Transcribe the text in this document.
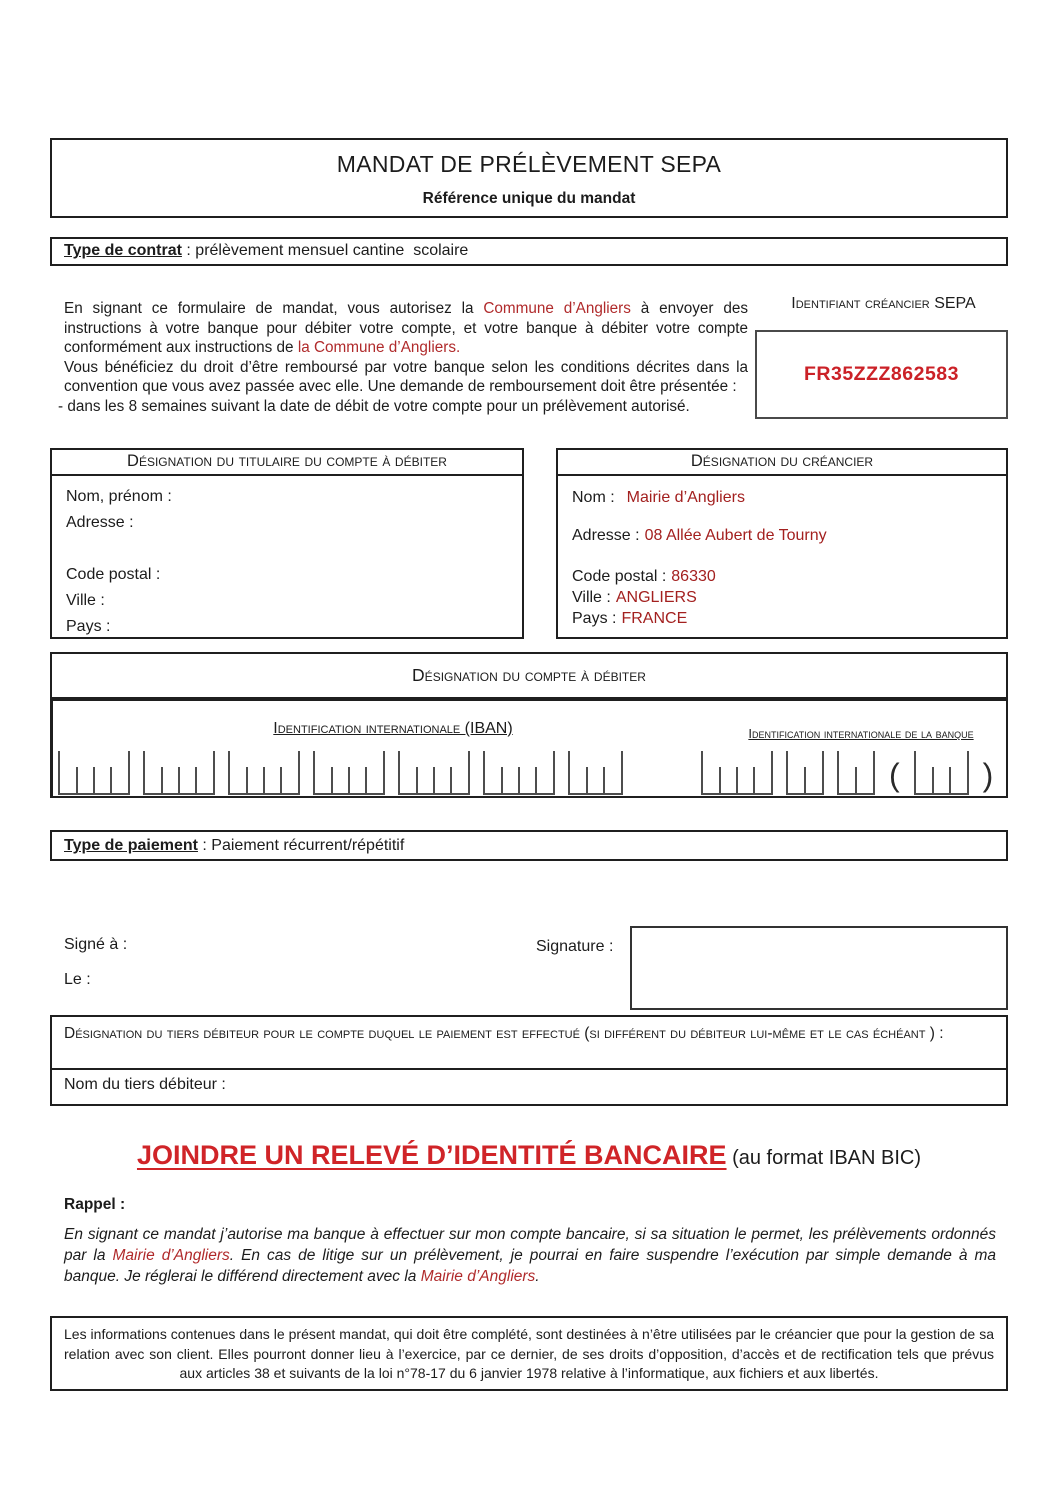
MANDAT DE PRÉLÈVEMENT SEPA
Référence unique du mandat
Type de contrat : prélèvement mensuel cantine  scolaire
En signant ce formulaire de mandat, vous autorisez la Commune d’Angliers à envoyer des instructions à votre banque pour débiter votre compte, et votre banque à débiter votre compte conformément aux instructions de la Commune d’Angliers.
Vous bénéficiez du droit d’être remboursé par votre banque selon les conditions décrites dans la convention que vous avez passée avec elle. Une demande de remboursement doit être présentée :
- dans les 8 semaines suivant la date de débit de votre compte pour un prélèvement autorisé.
Identifiant créancier SEPA
FR35ZZZ862583
Désignation du titulaire du compte à débiter
Nom, prénom :
Adresse :
Code postal :
Ville :
Pays :
Désignation du créancier
Nom : Mairie d’Angliers
Adresse : 08 Allée Aubert de Tourny
Code postal : 86330
Ville : ANGLIERS
Pays : FRANCE
Désignation du compte à débiter
Identification internationale (IBAN)	Identification internationale de la banque
(	)
Type de paiement : Paiement récurrent/répétitif
Signé à :
Le :
Signature :
Désignation du tiers débiteur pour le compte duquel le paiement est effectué (si différent du débiteur lui-même et le cas échéant ) :
Nom du tiers débiteur :
JOINDRE UN RELEVÉ D’IDENTITÉ BANCAIRE (au format IBAN BIC)
Rappel :
En signant ce mandat j’autorise ma banque à effectuer sur mon compte bancaire, si sa situation le permet, les prélèvements ordonnés par la Mairie d’Angliers. En cas de litige sur un prélèvement, je pourrai en faire suspendre l’exécution par simple demande à ma banque. Je réglerai le différend directement avec la Mairie d’Angliers.
Les informations contenues dans le présent mandat, qui doit être complété, sont destinées à n’être utilisées par le créancier que pour la gestion de sa relation avec son client. Elles pourront donner lieu à l’exercice, par ce dernier, de ses droits d’opposition, d’accès et de rectification tels que prévus aux articles 38 et suivants de la loi n°78-17 du 6 janvier 1978 relative à l’informatique, aux fichiers et aux libertés.
